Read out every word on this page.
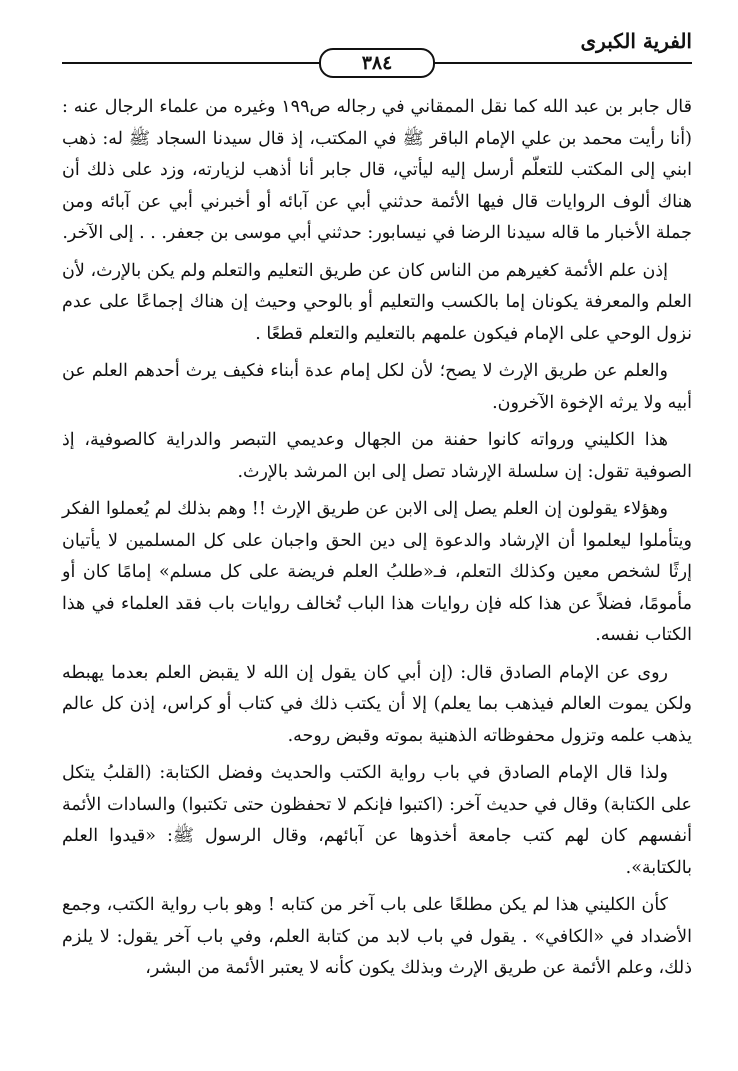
الفرية الكبرى
٣٨٤

قال جابر بن عبد الله كما نقل الممقاني في رجاله ص١٩٩ وغيره من علماء الرجال عنه : (أنا رأيت محمد بن علي الإمام الباقر ﷺ في المكتب، إذ قال سيدنا السجاد ﷺ له: ذهب ابني إلى المكتب للتعلّم أرسل إليه ليأتي، قال جابر أنا أذهب لزيارته، وزد على ذلك أن هناك ألوف الروايات قال فيها الأئمة حدثني أبي عن آبائه أو أخبرني أبي عن آبائه ومن جملة الأخبار ما قاله سيدنا الرضا في نيسابور: حدثني أبي موسى بن جعفر. . . إلى الآخر.

إذن علم الأئمة كغيرهم من الناس كان عن طريق التعليم والتعلم ولم يكن بالإرث، لأن العلم والمعرفة يكونان إما بالكسب والتعليم أو بالوحي وحيث إن هناك إجماعًا على عدم نزول الوحي على الإمام فيكون علمهم بالتعليم والتعلم قطعًا .

والعلم عن طريق الإرث لا يصح؛ لأن لكل إمام عدة أبناء فكيف يرث أحدهم العلم عن أبيه ولا يرثه الإخوة الآخرون.

هذا الكليني ورواته كانوا حفنة من الجهال وعديمي التبصر والدراية كالصوفية، إذ الصوفية تقول: إن سلسلة الإرشاد تصل إلى ابن المرشد بالإرث.

وهؤلاء يقولون إن العلم يصل إلى الابن عن طريق الإرث !! وهم بذلك لم يُعملوا الفكر ويتأملوا ليعلموا أن الإرشاد والدعوة إلى دين الحق واجبان على كل المسلمين لا يأتيان إرثًا لشخص معين وكذلك التعلم، فـ«طلبُ العلم فريضة على كل مسلم» إمامًا كان أو مأمومًا، فضلاً عن هذا كله فإن روايات هذا الباب تُخالف روايات باب فقد العلماء في هذا الكتاب نفسه.

روى عن الإمام الصادق قال: (إن أبي كان يقول إن الله لا يقبض العلم بعدما يهبطه ولكن يموت العالم فيذهب بما يعلم) إلا أن يكتب ذلك في كتاب أو كراس، إذن كل عالم يذهب علمه وتزول محفوظاته الذهنية بموته وقبض روحه.

ولذا قال الإمام الصادق في باب رواية الكتب والحديث وفضل الكتابة: (القلبُ يتكل على الكتابة) وقال في حديث آخر: (اكتبوا فإنكم لا تحفظون حتى تكتبوا) والسادات الأئمة أنفسهم كان لهم كتب جامعة أخذوها عن آبائهم، وقال الرسول ﷺ: «قيدوا العلم بالكتابة».

كأن الكليني هذا لم يكن مطلعًا على باب آخر من كتابه ! وهو باب رواية الكتب، وجمع الأضداد في «الكافي» . يقول في باب لابد من كتابة العلم، وفي باب آخر يقول: لا يلزم ذلك، وعلم الأئمة عن طريق الإرث وبذلك يكون كأنه لا يعتبر الأئمة من البشر،
